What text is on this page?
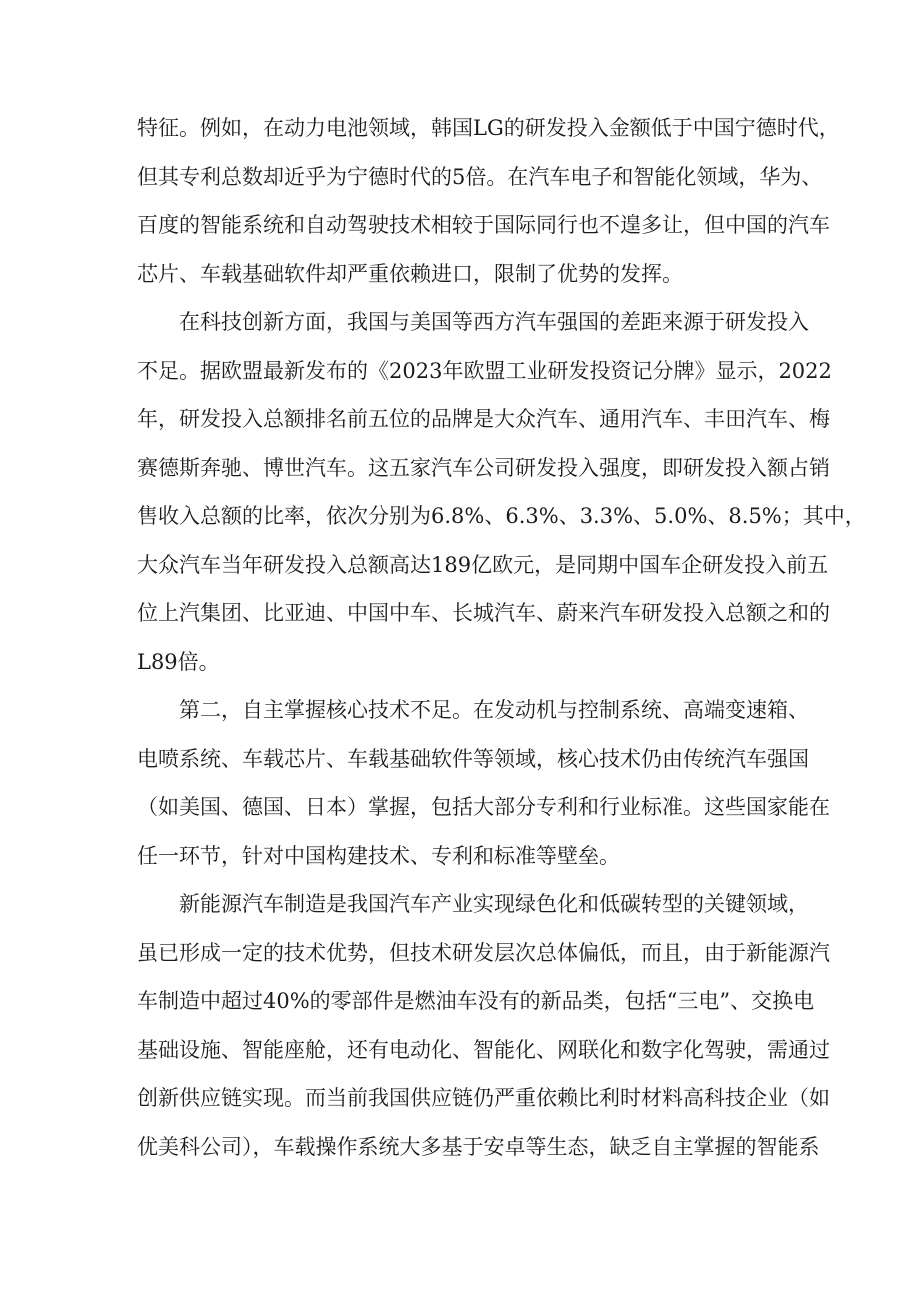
特征。例如，在动力电池领域，韩国LG的研发投入金额低于中国宁德时代，
但其专利总数却近乎为宁德时代的5倍。在汽车电子和智能化领域，华为、
百度的智能系统和自动驾驶技术相较于国际同行也不遑多让，但中国的汽车
芯片、车载基础软件却严重依赖进口，限制了优势的发挥。
在科技创新方面，我国与美国等西方汽车强国的差距来源于研发投入
不足。据欧盟最新发布的《2023年欧盟工业研发投资记分牌》显示，2022
年，研发投入总额排名前五位的品牌是大众汽车、通用汽车、丰田汽车、梅
赛德斯奔驰、博世汽车。这五家汽车公司研发投入强度，即研发投入额占销
售收入总额的比率，依次分别为6.8%、6.3%、3.3%、5.0%、8.5%；其中，
大众汽车当年研发投入总额高达189亿欧元，是同期中国车企研发投入前五
位上汽集团、比亚迪、中国中车、长城汽车、蔚来汽车研发投入总额之和的
L89倍。
第二，自主掌握核心技术不足。在发动机与控制系统、高端变速箱、
电喷系统、车载芯片、车载基础软件等领域，核心技术仍由传统汽车强国
（如美国、德国、日本）掌握，包括大部分专利和行业标准。这些国家能在
任一环节，针对中国构建技术、专利和标准等壁垒。
新能源汽车制造是我国汽车产业实现绿色化和低碳转型的关键领域，
虽已形成一定的技术优势，但技术研发层次总体偏低，而且，由于新能源汽
车制造中超过40%的零部件是燃油车没有的新品类，包括“三电”、交换电
基础设施、智能座舱，还有电动化、智能化、网联化和数字化驾驶，需通过
创新供应链实现。而当前我国供应链仍严重依赖比利时材料高科技企业（如
优美科公司），车载操作系统大多基于安卓等生态，缺乏自主掌握的智能系
